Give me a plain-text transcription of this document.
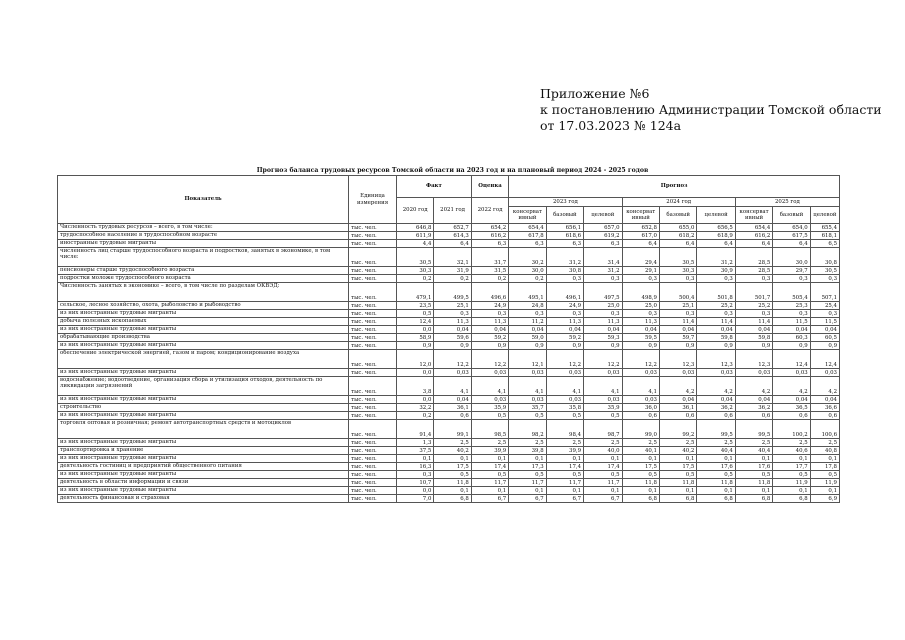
Приложение №6
к постановлению Администрации Томской области
от 17.03.2023 № 124а
Прогноз баланса трудовых ресурсов Томской области на 2023 год и на плановый период 2024 - 2025 годов
Показатель	Единица измерения	Факт		Оценка	Прогноз								
		2020 год	2021 год	2022 год	2023 год			2024 год			2025 год		
					консерват ивный	базовый	целевой	консерват ивный	базовый	целевой	консерват ивный	базовый	целевой
Численность трудовых ресурсов – всего, в том числе:	тыс. чел.	646,8	652,7	654,2	654,4	656,1	657,0	652,8	655,0	656,5	654,4	654,0	655,4
трудоспособное население в трудоспособном возрасте	тыс. чел.	611,9	614,3	616,2	617,8	618,6	619,2	617,0	618,2	618,9	616,2	617,5	618,1
иностранные трудовые мигранты	тыс. чел.	4,4	6,4	6,3	6,3	6,3	6,3	6,4	6,4	6,4	6,4	6,4	6,5
численность лиц старше трудоспособного возраста и подростков, занятых в экономике, в том числе:	тыс. чел.	30,5	32,1	31,7	30,2	31,2	31,4	29,4	30,5	31,2	28,5	30,0	30,8
пенсионеры старше трудоспособного возраста	тыс. чел.	30,3	31,9	31,5	30,0	30,8	31,2	29,1	30,3	30,9	28,5	29,7	30,5
подростки моложе трудоспособного возраста	тыс. чел.	0,2	0,2	0,2	0,2	0,3	0,3	0,3	0,3	0,3	0,3	0,3	0,3
Численность занятых в экономике – всего, в том числе по разделам ОКВЭД:	тыс. чел.	479,1	499,5	496,6	495,1	496,1	497,5	498,9	500,4	501,8	501,7	505,4	507,1
сельское, лесное хозяйство, охота, рыболовство и рыбоводство	тыс. чел.	23,5	25,1	24,9	24,8	24,9	25,0	25,0	25,1	25,2	25,2	25,3	25,4
из них иностранные трудовые мигранты	тыс. чел.	0,5	0,3	0,3	0,3	0,3	0,3	0,3	0,3	0,3	0,3	0,3	0,3
добыча полезных ископаемых	тыс. чел.	12,4	11,3	11,3	11,2	11,3	11,3	11,3	11,4	11,4	11,4	11,5	11,5
из них иностранные трудовые мигранты	тыс. чел.	0,0	0,04	0,04	0,04	0,04	0,04	0,04	0,04	0,04	0,04	0,04	0,04
обрабатывающие производства	тыс. чел.	58,9	59,6	59,2	59,0	59,2	59,3	59,5	59,7	59,8	59,8	60,3	60,5
из них иностранные трудовые мигранты	тыс. чел.	0,9	0,9	0,9	0,9	0,9	0,9	0,9	0,9	0,9	0,9	0,9	0,9
обеспечение электрической энергией, газом и паром; кондиционирование воздуха	тыс. чел.	12,0	12,2	12,2	12,1	12,2	12,2	12,2	12,3	12,3	12,3	12,4	12,4
из них иностранные трудовые мигранты	тыс. чел.	0,0	0,03	0,03	0,03	0,03	0,03	0,03	0,03	0,03	0,03	0,03	0,03
водоснабжение; водоотведение, организация сбора и утилизация отходов, деятельность по ликвидации загрязнений	тыс. чел.	3,8	4,1	4,1	4,1	4,1	4,1	4,1	4,2	4,2	4,2	4,2	4,2
из них иностранные трудовые мигранты	тыс. чел.	0,0	0,04	0,03	0,03	0,03	0,03	0,03	0,04	0,04	0,04	0,04	0,04
строительство	тыс. чел.	32,2	36,1	35,9	35,7	35,8	35,9	36,0	36,1	36,2	36,2	36,5	36,6
из них иностранные трудовые мигранты	тыс. чел.	0,2	0,6	0,5	0,5	0,5	0,5	0,6	0,6	0,6	0,6	0,6	0,6
торговля оптовая и розничная; ремонт автотранспортных средств и мотоциклов	тыс. чел.	91,4	99,1	98,5	98,2	98,4	98,7	99,0	99,2	99,5	99,5	100,2	100,6
из них иностранные трудовые мигранты	тыс. чел.	1,3	2,5	2,5	2,5	2,5	2,5	2,5	2,5	2,5	2,5	2,5	2,5
транспортировка и хранение	тыс. чел.	37,5	40,2	39,9	39,8	39,9	40,0	40,1	40,2	40,4	40,4	40,6	40,8
из них иностранные трудовые мигранты	тыс. чел.	0,1	0,1	0,1	0,1	0,1	0,1	0,1	0,1	0,1	0,1	0,1	0,1
деятельность гостиниц и предприятий общественного питания	тыс. чел.	16,3	17,5	17,4	17,3	17,4	17,4	17,5	17,5	17,6	17,6	17,7	17,8
из них иностранные трудовые мигранты	тыс. чел.	0,3	0,5	0,5	0,5	0,5	0,5	0,5	0,5	0,5	0,5	0,5	0,5
деятельность в области информации и связи	тыс. чел.	10,7	11,8	11,7	11,7	11,7	11,7	11,8	11,8	11,8	11,8	11,9	11,9
из них иностранные трудовые мигранты	тыс. чел.	0,0	0,1	0,1	0,1	0,1	0,1	0,1	0,1	0,1	0,1	0,1	0,1
деятельность финансовая и страховая	тыс. чел.	7,0	6,8	6,7	6,7	6,7	6,7	6,8	6,8	6,8	6,8	6,8	6,9
